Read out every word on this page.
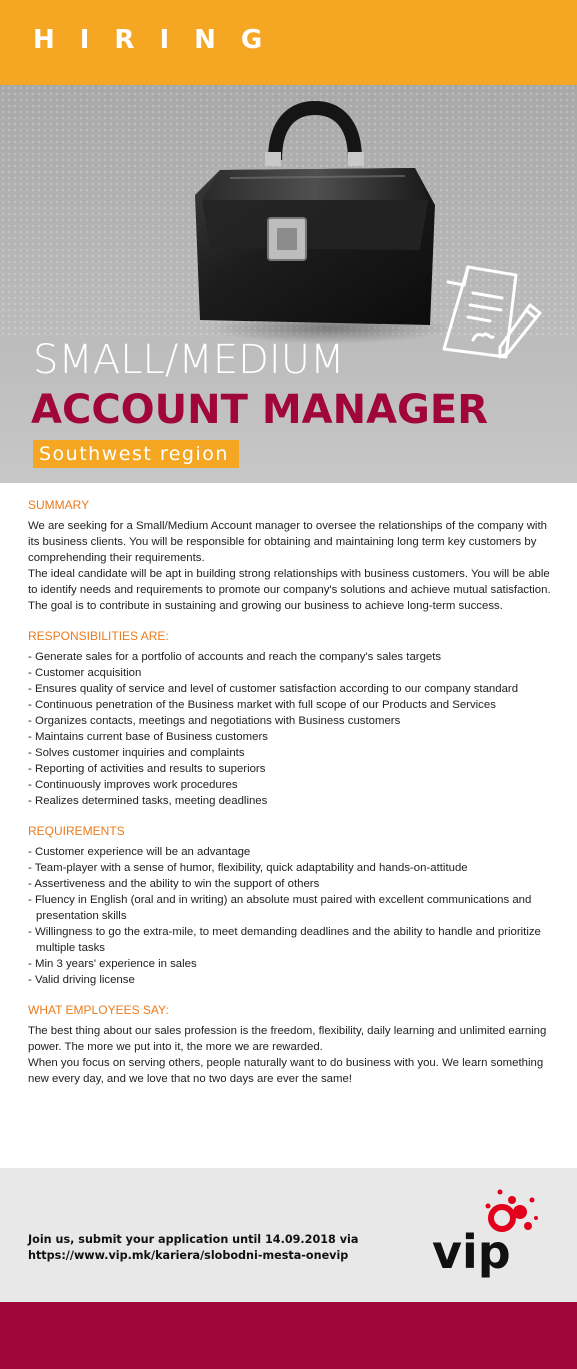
HIRING
SMALL/MEDIUM
ACCOUNT MANAGER
Southwest region
SUMMARY

We are seeking for a Small/Medium Account manager to oversee the relationships of the company with its business clients. You will be responsible for obtaining and maintaining long term key customers by comprehending their requirements.

The ideal candidate will be apt in building strong relationships with business customers. You will be able to identify needs and requirements to promote our company's solutions and achieve mutual satisfaction.

The goal is to contribute in sustaining and growing our business to achieve long-term success.

RESPONSIBILITIES ARE:
- Generate sales for a portfolio of accounts and reach the company's sales targets
- Customer acquisition
- Ensures quality of service and level of customer satisfaction according to our company standard
- Continuous penetration of the Business market with full scope of our Products and Services
- Organizes contacts, meetings and negotiations with Business customers
- Maintains current base of Business customers
- Solves customer inquiries and complaints
- Reporting of activities and results to superiors
- Continuously improves work procedures
- Realizes determined tasks, meeting deadlines
REQUIREMENTS
- Customer experience will be an advantage
- Team-player with a sense of humor, flexibility, quick adaptability and hands-on-attitude
- Assertiveness and the ability to win the support of others
- Fluency in English (oral and in writing) an absolute must paired with excellent communications and presentation skills
- Willingness to go the extra-mile, to meet demanding deadlines and the ability to handle and prioritize multiple tasks
- Min 3 years' experience in sales
- Valid driving license
WHAT EMPLOYEES SAY:

The best thing about our sales profession is the freedom, flexibility, daily learning and unlimited earning power. The more we put into it, the more we are rewarded.

When you focus on serving others, people naturally want to do business with you. We learn something new every day, and we love that no two days are ever the same!

Join us, submit your application until 14.09.2018 via
https://www.vip.mk/kariera/slobodni-mesta-onevip vip
